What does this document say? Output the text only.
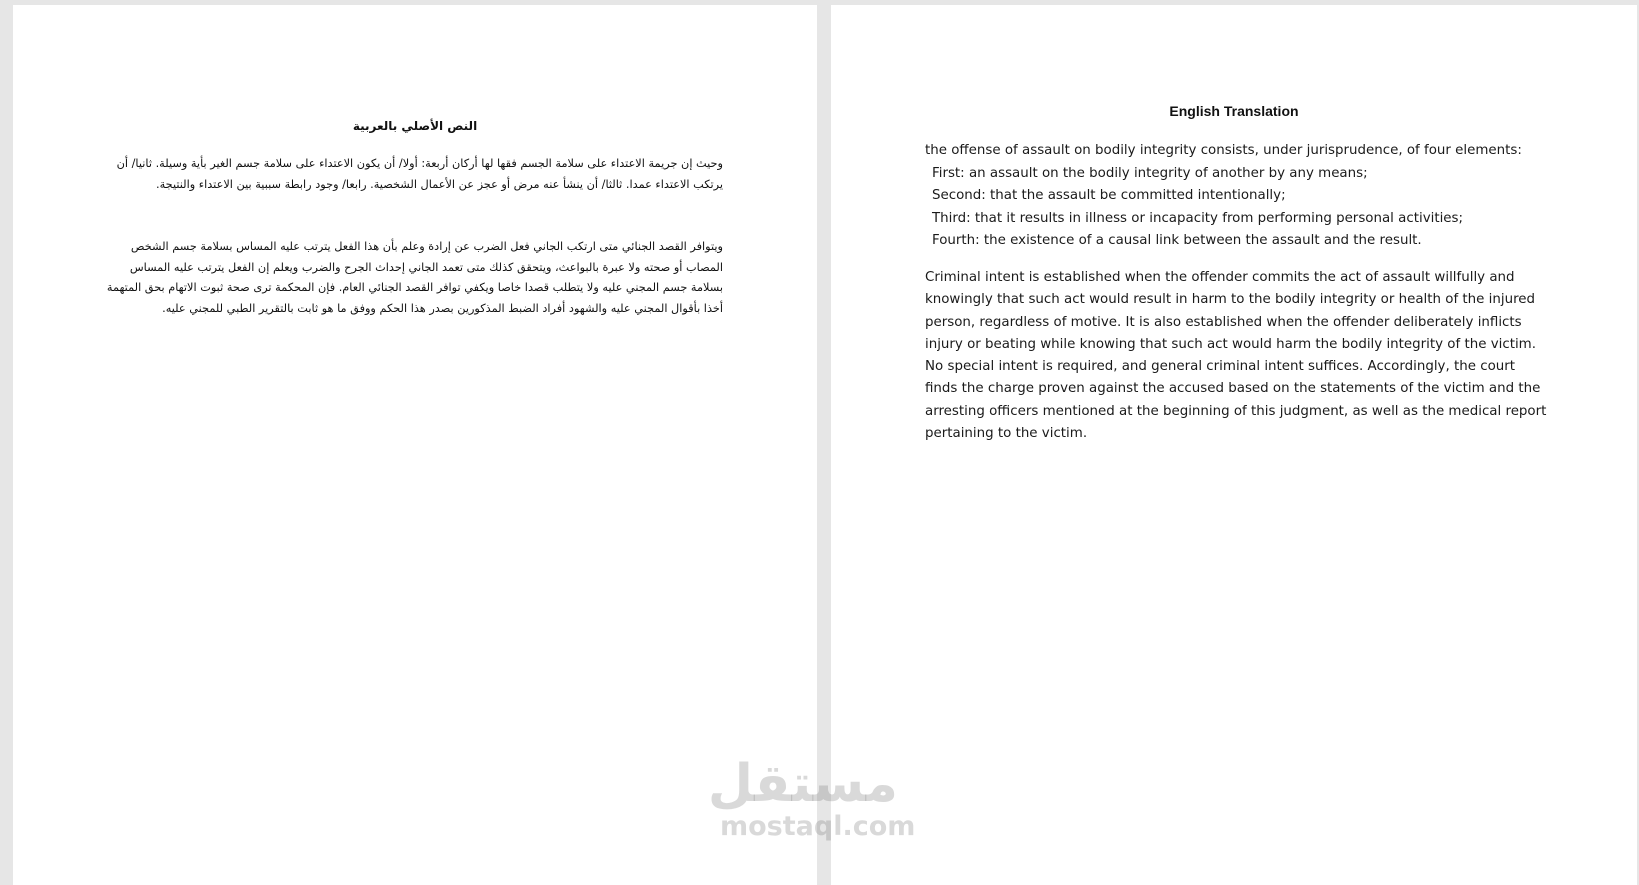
النص الأصلي بالعربية

وحيث إن جريمة الاعتداء على سلامة الجسم فقها لها أركان أربعة: أولا/ أن يكون الاعتداء على سلامة جسم الغير بأية وسيلة. ثانيا/ أن يرتكب الاعتداء عمدا. ثالثا/ أن ينشأ عنه مرض أو عجز عن الأعمال الشخصية. رابعا/ وجود رابطة سببية بين الاعتداء والنتيجة.

ويتوافر القصد الجنائي متى ارتكب الجاني فعل الضرب عن إرادة وعلم بأن هذا الفعل يترتب عليه المساس بسلامة جسم الشخص المصاب أو صحته ولا عبرة بالبواعث، ويتحقق كذلك متى تعمد الجاني إحداث الجرح والضرب ويعلم إن الفعل يترتب عليه المساس بسلامة جسم المجني عليه ولا يتطلب قصدا خاصا ويكفي توافر القصد الجنائي العام. فإن المحكمة ترى صحة ثبوت الاتهام بحق المتهمة أخذا بأقوال المجني عليه والشهود أفراد الضبط المذكورين بصدر هذا الحكم ووفق ما هو ثابت بالتقرير الطبي للمجني عليه.

English Translation

the offense of assault on bodily integrity consists, under jurisprudence, of four elements:

First: an assault on the bodily integrity of another by any means;
Second: that the assault be committed intentionally;
Third: that it results in illness or incapacity from performing personal activities;
Fourth: the existence of a causal link between the assault and the result.

Criminal intent is established when the offender commits the act of assault willfully and knowingly that such act would result in harm to the bodily integrity or health of the injured person, regardless of motive. It is also established when the offender deliberately inflicts injury or beating while knowing that such act would harm the bodily integrity of the victim. No special intent is required, and general criminal intent suffices. Accordingly, the court finds the charge proven against the accused based on the statements of the victim and the arresting officers mentioned at the beginning of this judgment, as well as the medical report pertaining to the victim.

مستقل
mostaql.com
